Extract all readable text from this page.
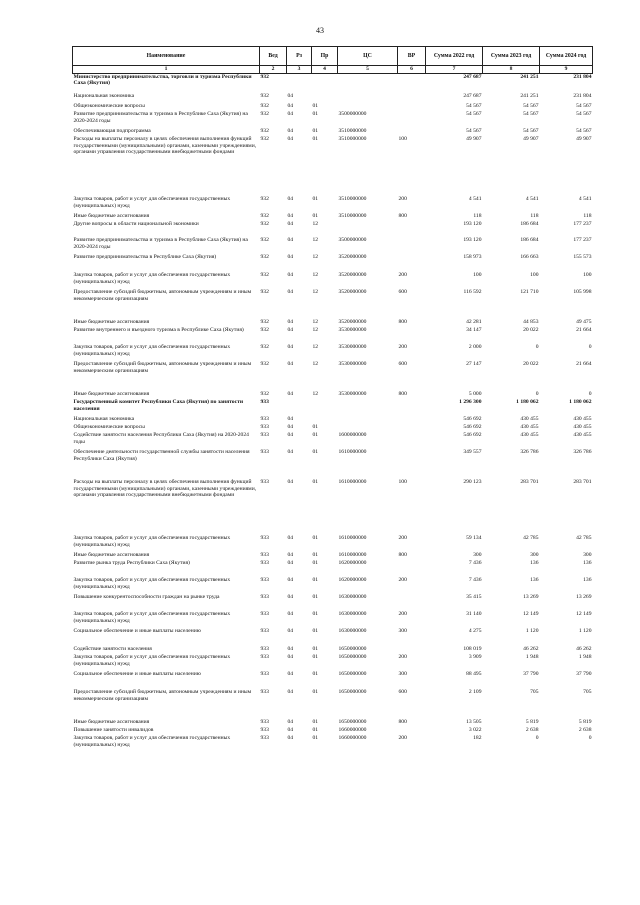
43
Наименование	Вед	Рз	Пр	ЦС	ВР	Сумма 2022 год	Сумма 2023 год	Сумма 2024 год
1	2	3	4	5	6	7	8	9
Министерство предпринимательства, торговли и туризма Республики Саха (Якутия)	932					247 687	241 251	231 804
Национальная экономика	932	04				247 687	241 251	231 804
Общеэкономические вопросы	932	04	01			54 567	54 567	54 567
Развитие предпринимательства и туризма в Республике Саха (Якутия) на 2020-2024 годы	932	04	01	3500000000		54 567	54 567	54 567
Обеспечивающая подпрограмма	932	04	01	3510000000		54 567	54 567	54 567
Расходы на выплаты персоналу в целях обеспечения выполнения функций государственными (муниципальными) органами, казенными учреждениями, органами управления государственными внебюджетными фондами	932	04	01	3510000000	100	49 907	49 907	49 907
Закупка товаров, работ и услуг для обеспечения государственных (муниципальных) нужд	932	04	01	3510000000	200	4 541	4 541	4 541
Иные бюджетные ассигнования	932	04	01	3510000000	800	118	118	118
Другие вопросы в области национальной экономики	932	04	12			193 120	186 684	177 237
Развитие предпринимательства и туризма в Республике Саха (Якутия) на 2020-2024 годы	932	04	12	3500000000		193 120	186 684	177 237
Развитие предпринимательства в Республике Саха (Якутия)	932	04	12	3520000000		158 973	166 663	155 573
Закупка товаров, работ и услуг для обеспечения государственных (муниципальных) нужд	932	04	12	3520000000	200	100	100	100
Предоставление субсидий бюджетным, автономным учреждениям и иным некоммерческим организациям	932	04	12	3520000000	600	116 592	121 710	105 998
Иные бюджетные ассигнования	932	04	12	3520000000	800	42 281	44 853	49 475
Развитие внутреннего и въездного туризма в Республике Саха (Якутия)	932	04	12	3530000000		34 147	20 022	21 664
Закупка товаров, работ и услуг для обеспечения государственных (муниципальных) нужд	932	04	12	3530000000	200	2 000	0	0
Предоставление субсидий бюджетным, автономным учреждениям и иным некоммерческим организациям	932	04	12	3530000000	600	27 147	20 022	21 664
Иные бюджетные ассигнования	932	04	12	3530000000	800	5 000	0	0
Государственный комитет Республики Саха (Якутия) по занятости населения	933					1 296 300	1 180 062	1 180 062
Национальная экономика	933	04				546 692	430 455	430 455
Общеэкономические вопросы	933	04	01			546 692	430 455	430 455
Содействие занятости населения Республики Саха (Якутия) на 2020-2024 годы	933	04	01	1600000000		546 692	430 455	430 455
Обеспечение деятельности государственной службы занятости населения Республики Саха (Якутия)	933	04	01	1610000000		349 557	326 786	326 786
Расходы на выплаты персоналу в целях обеспечения выполнения функций государственными (муниципальными) органами, казенными учреждениями, органами управления государственными внебюджетными фондами	933	04	01	1610000000	100	290 123	283 701	283 701
Закупка товаров, работ и услуг для обеспечения государственных (муниципальных) нужд	933	04	01	1610000000	200	59 134	42 785	42 785
Иные бюджетные ассигнования	933	04	01	1610000000	800	300	300	300
Развитие рынка труда Республики Саха (Якутия)	933	04	01	1620000000		7 436	136	136
Закупка товаров, работ и услуг для обеспечения государственных (муниципальных) нужд	933	04	01	1620000000	200	7 436	136	136
Повышение конкурентоспособности граждан на рынке труда	933	04	01	1630000000		35 415	13 269	13 269
Закупка товаров, работ и услуг для обеспечения государственных (муниципальных) нужд	933	04	01	1630000000	200	31 140	12 149	12 149
Социальное обеспечение и иные выплаты населению	933	04	01	1630000000	300	4 275	1 120	1 120
Содействие занятости населения	933	04	01	1650000000		108 019	46 262	46 262
Закупка товаров, работ и услуг для обеспечения государственных (муниципальных) нужд	933	04	01	1650000000	200	3 909	1 948	1 948
Социальное обеспечение и иные выплаты населению	933	04	01	1650000000	300	88 495	37 790	37 790
Предоставление субсидий бюджетным, автономным учреждениям и иным некоммерческим организациям	933	04	01	1650000000	600	2 109	705	705
Иные бюджетные ассигнования	933	04	01	1650000000	800	13 505	5 819	5 819
Повышение занятости инвалидов	933	04	01	1660000000		3 022	2 638	2 638
Закупка товаров, работ и услуг для обеспечения государственных (муниципальных) нужд	933	04	01	1660000000	200	182	0	0
